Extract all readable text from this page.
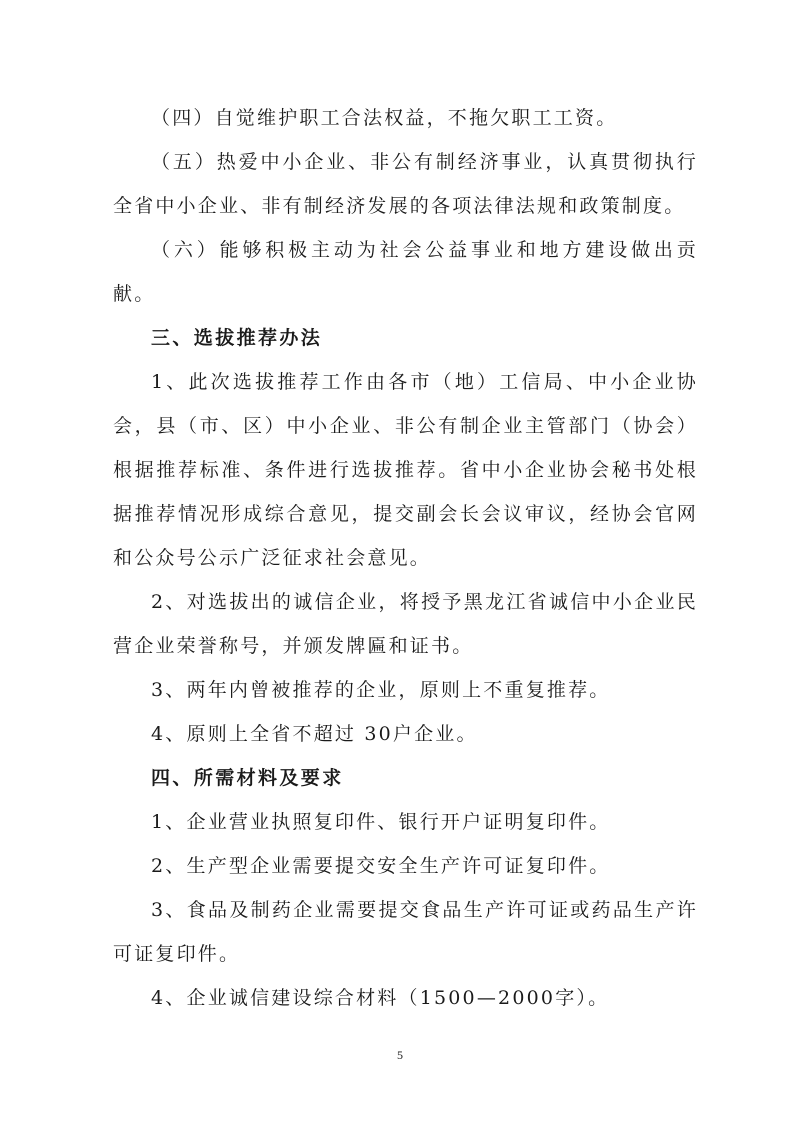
（四）自觉维护职工合法权益，不拖欠职工工资。

（五）热爱中小企业、非公有制经济事业，认真贯彻执行全省中小企业、非有制经济发展的各项法律法规和政策制度。

（六）能够积极主动为社会公益事业和地方建设做出贡献。

三、选拔推荐办法

1、此次选拔推荐工作由各市（地）工信局、中小企业协会，县（市、区）中小企业、非公有制企业主管部门（协会）根据推荐标准、条件进行选拔推荐。省中小企业协会秘书处根据推荐情况形成综合意见，提交副会长会议审议，经协会官网和公众号公示广泛征求社会意见。

2、对选拔出的诚信企业，将授予黑龙江省诚信中小企业民营企业荣誉称号，并颁发牌匾和证书。

3、两年内曾被推荐的企业，原则上不重复推荐。

4、原则上全省不超过 30户企业。

四、所需材料及要求

1、企业营业执照复印件、银行开户证明复印件。

2、生产型企业需要提交安全生产许可证复印件。

3、食品及制药企业需要提交食品生产许可证或药品生产许可证复印件。

4、企业诚信建设综合材料（1500—2000字）。

5
